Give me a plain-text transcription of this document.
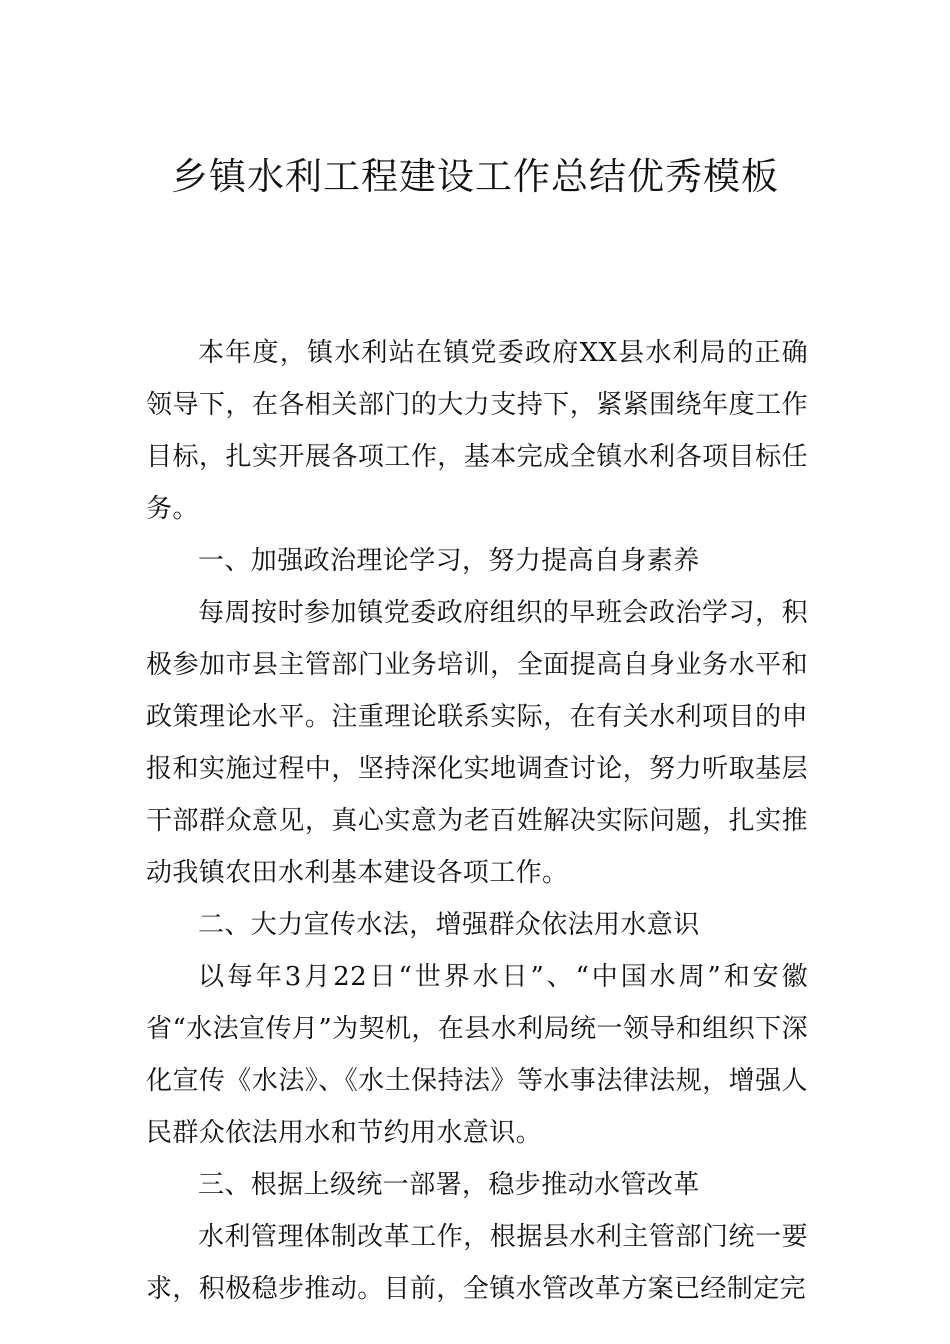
乡镇水利工程建设工作总结优秀模板

本年度，镇水利站在镇党委政府XX县水利局的正确领导下，在各相关部门的大力支持下，紧紧围绕年度工作目标，扎实开展各项工作，基本完成全镇水利各项目标任务。

一、加强政治理论学习，努力提高自身素养

每周按时参加镇党委政府组织的早班会政治学习，积极参加市县主管部门业务培训，全面提高自身业务水平和政策理论水平。注重理论联系实际，在有关水利项目的申报和实施过程中，坚持深化实地调查讨论，努力听取基层干部群众意见，真心实意为老百姓解决实际问题，扎实推动我镇农田水利基本建设各项工作。

二、大力宣传水法，增强群众依法用水意识

以每年3月22日“世界水日”、“中国水周”和安徽省“水法宣传月”为契机，在县水利局统一领导和组织下深化宣传《水法》、《水土保持法》等水事法律法规，增强人民群众依法用水和节约用水意识。

三、根据上级统一部署，稳步推动水管改革

水利管理体制改革工作，根据县水利主管部门统一要求，积极稳步推动。目前，全镇水管改革方案已经制定完
